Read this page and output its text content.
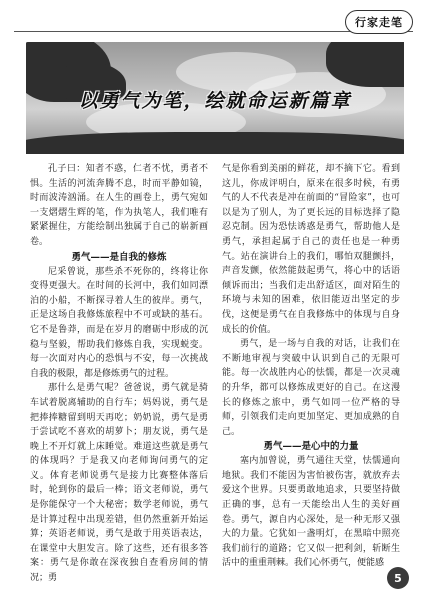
行家走笔
以勇气为笔，绘就命运新篇章

孔子曰：知者不惑，仁者不忧，勇者不惧。生活的河流奔腾不息，时而平静如镜，时而波涛汹涌。在人生的画卷上，勇气宛如一支熠熠生辉的笔，作为执笔人，我们唯有紧紧握住，方能绘制出独属于自己的崭新画卷。

勇气——是自我的修炼

尼采曾说，那些杀不死你的，终将让你变得更强大。在时间的长河中，我们如同漂泊的小船，不断探寻着人生的彼岸。勇气，正是这场自我修炼旅程中不可或缺的基石。它不是鲁莽，而是在岁月的磨砺中形成的沉稳与坚毅，帮助我们修炼自我，实现蜕变。每一次面对内心的恐惧与不安，每一次挑战自我的极限，都是修炼勇气的过程。

那什么是勇气呢？爸爸说，勇气就是骑车试着脱离辅助的自行车；妈妈说，勇气是把捧捧糖留到明天再吃；奶奶说，勇气是勇于尝试吃不喜欢的胡萝卜；朋友说，勇气是晚上不开灯就上床睡觉。难道这些就是勇气的体现吗？于是我又向老师询问勇气的定义。体育老师说勇气是接力比赛整体落后时，轮到你的最后一棒；语文老师说，勇气是你能保守一个大秘密；数学老师说，勇气是计算过程中出现差错，但仍然重新开始运算；英语老师说，勇气是敢于用英语表达，在课堂中大胆发言。除了这些，还有很多答案：勇气是你敢在深夜独自查看房间的情况；勇

气是你看到美丽的鲜花，却不摘下它。看到这儿，你成评明白，原来在很多时候，有勇气的人不代表是冲在前面的“冒险家”，也可以是为了别人，为了更长远的目标选择了隐忍克制。因为恐怯诱惑是勇气，帮助他人是勇气，承担起属于自己的责任也是一种勇气。站在演讲台上的我们，哪怕双腿颤抖，声音发颤，依然能鼓起勇气，将心中的话语倾诉而出；当我们走出舒适区，面对陌生的环境与未知的困难，依旧能迈出坚定的步伐，这便是勇气在自我修炼中的体现与自身成长的价值。

勇气，是一场与自我的对话，让我们在不断地审视与突破中认识到自己的无限可能。每一次战胜内心的怯懦，都是一次灵魂的升华，都可以修炼成更好的自己。在这漫长的修炼之旅中，勇气如同一位严格的导师，引领我们走向更加坚定、更加成熟的自己。

勇气——是心中的力量

塞内加曾说，勇气通往天堂，怯懦通向地狱。我们不能因为害怕被伤害，就放弃去爱这个世界。只要勇敢地追求，只要坚持做正确的事，总有一天能绘出人生的美好画卷。勇气，源自内心深处，是一种无形又强大的力量。它犹如一盏明灯，在黑暗中照亮我们前行的道路；它又似一把利剑，斩断生活中的重重荆棘。我们心怀勇气，便能感

5
